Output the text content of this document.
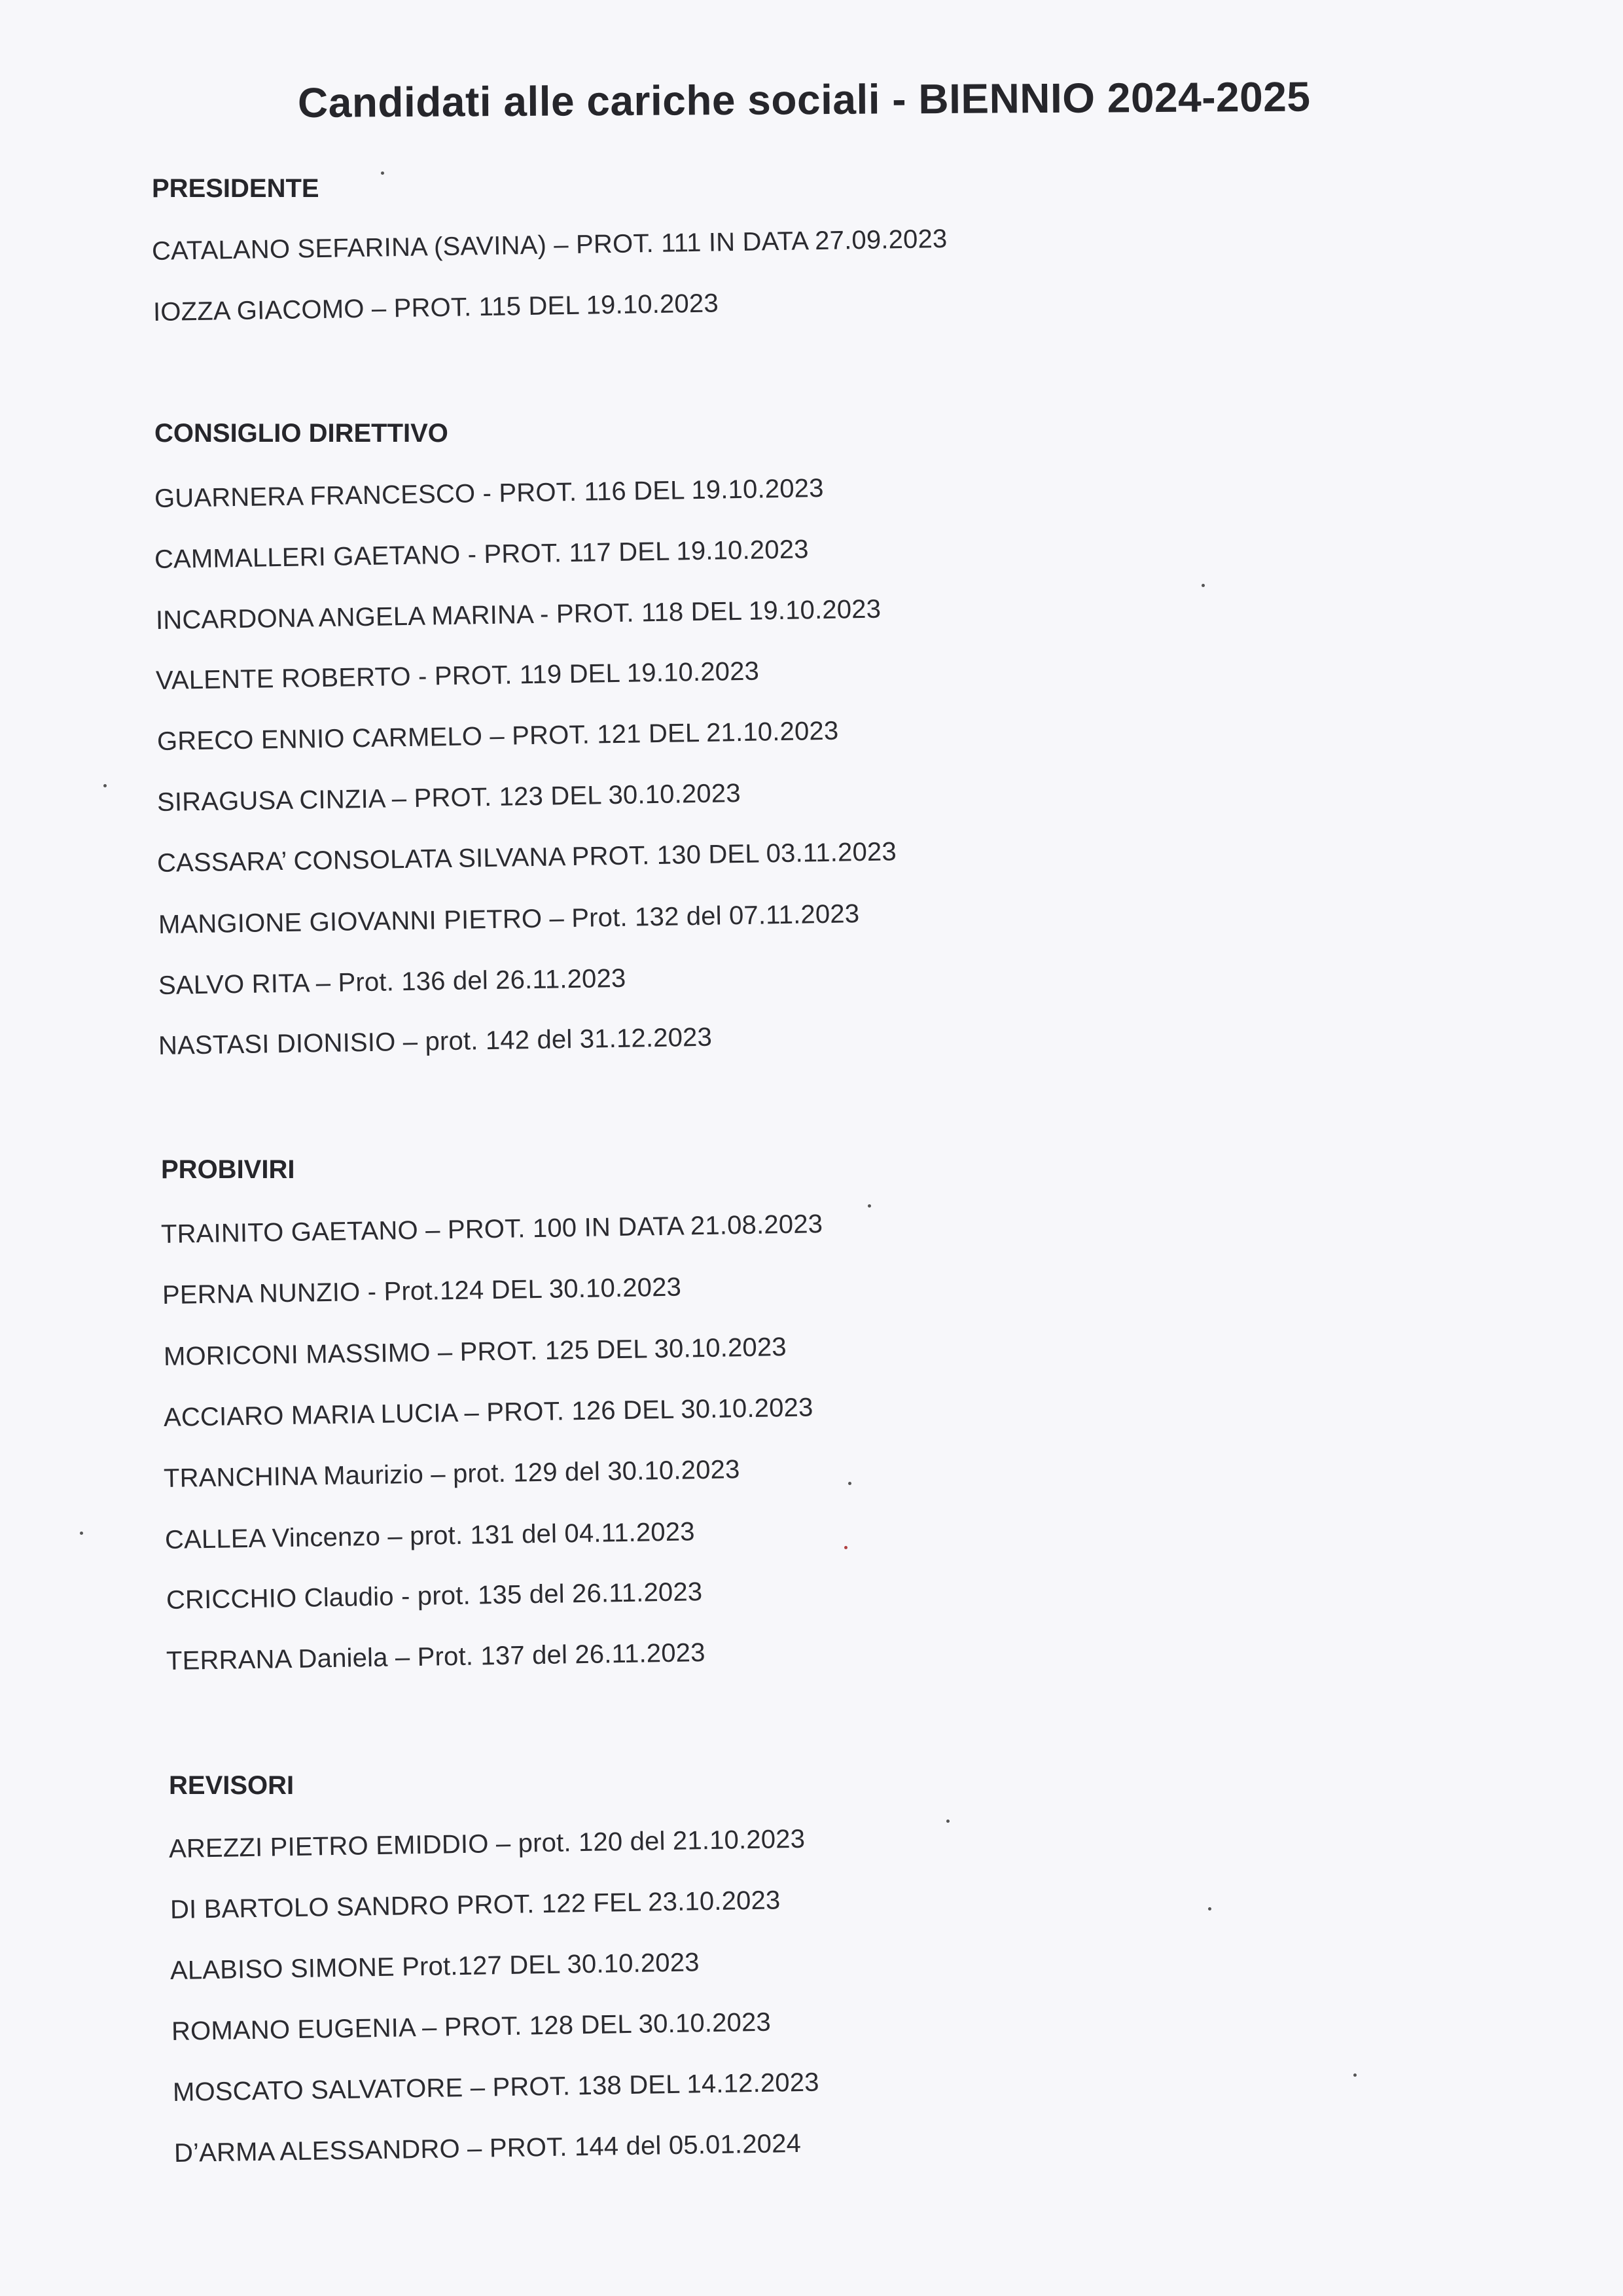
Candidati alle cariche sociali - BIENNIO 2024-2025
PRESIDENTE
CATALANO SEFARINA (SAVINA) – PROT. 111 IN DATA 27.09.2023
IOZZA GIACOMO – PROT. 115 DEL 19.10.2023
CONSIGLIO DIRETTIVO
GUARNERA FRANCESCO - PROT. 116 DEL 19.10.2023
CAMMALLERI GAETANO - PROT. 117 DEL 19.10.2023
INCARDONA ANGELA MARINA - PROT. 118 DEL 19.10.2023
VALENTE ROBERTO - PROT. 119 DEL 19.10.2023
GRECO ENNIO CARMELO – PROT. 121 DEL 21.10.2023
SIRAGUSA CINZIA – PROT. 123 DEL 30.10.2023
CASSARA’ CONSOLATA SILVANA PROT. 130 DEL 03.11.2023
MANGIONE GIOVANNI PIETRO – Prot. 132 del 07.11.2023
SALVO RITA – Prot. 136 del 26.11.2023
NASTASI DIONISIO – prot. 142 del 31.12.2023
PROBIVIRI
TRAINITO GAETANO – PROT. 100 IN DATA 21.08.2023
PERNA NUNZIO - Prot.124 DEL 30.10.2023
MORICONI MASSIMO – PROT. 125 DEL 30.10.2023
ACCIARO MARIA LUCIA – PROT. 126 DEL 30.10.2023
TRANCHINA Maurizio – prot. 129 del 30.10.2023
CALLEA Vincenzo – prot. 131 del 04.11.2023
CRICCHIO Claudio - prot. 135 del 26.11.2023
TERRANA Daniela – Prot. 137 del 26.11.2023
REVISORI
AREZZI PIETRO EMIDDIO – prot. 120 del 21.10.2023
DI BARTOLO SANDRO PROT. 122 FEL 23.10.2023
ALABISO SIMONE Prot.127 DEL 30.10.2023
ROMANO EUGENIA – PROT. 128 DEL 30.10.2023
MOSCATO SALVATORE – PROT. 138 DEL 14.12.2023
D’ARMA ALESSANDRO – PROT. 144 del 05.01.2024
